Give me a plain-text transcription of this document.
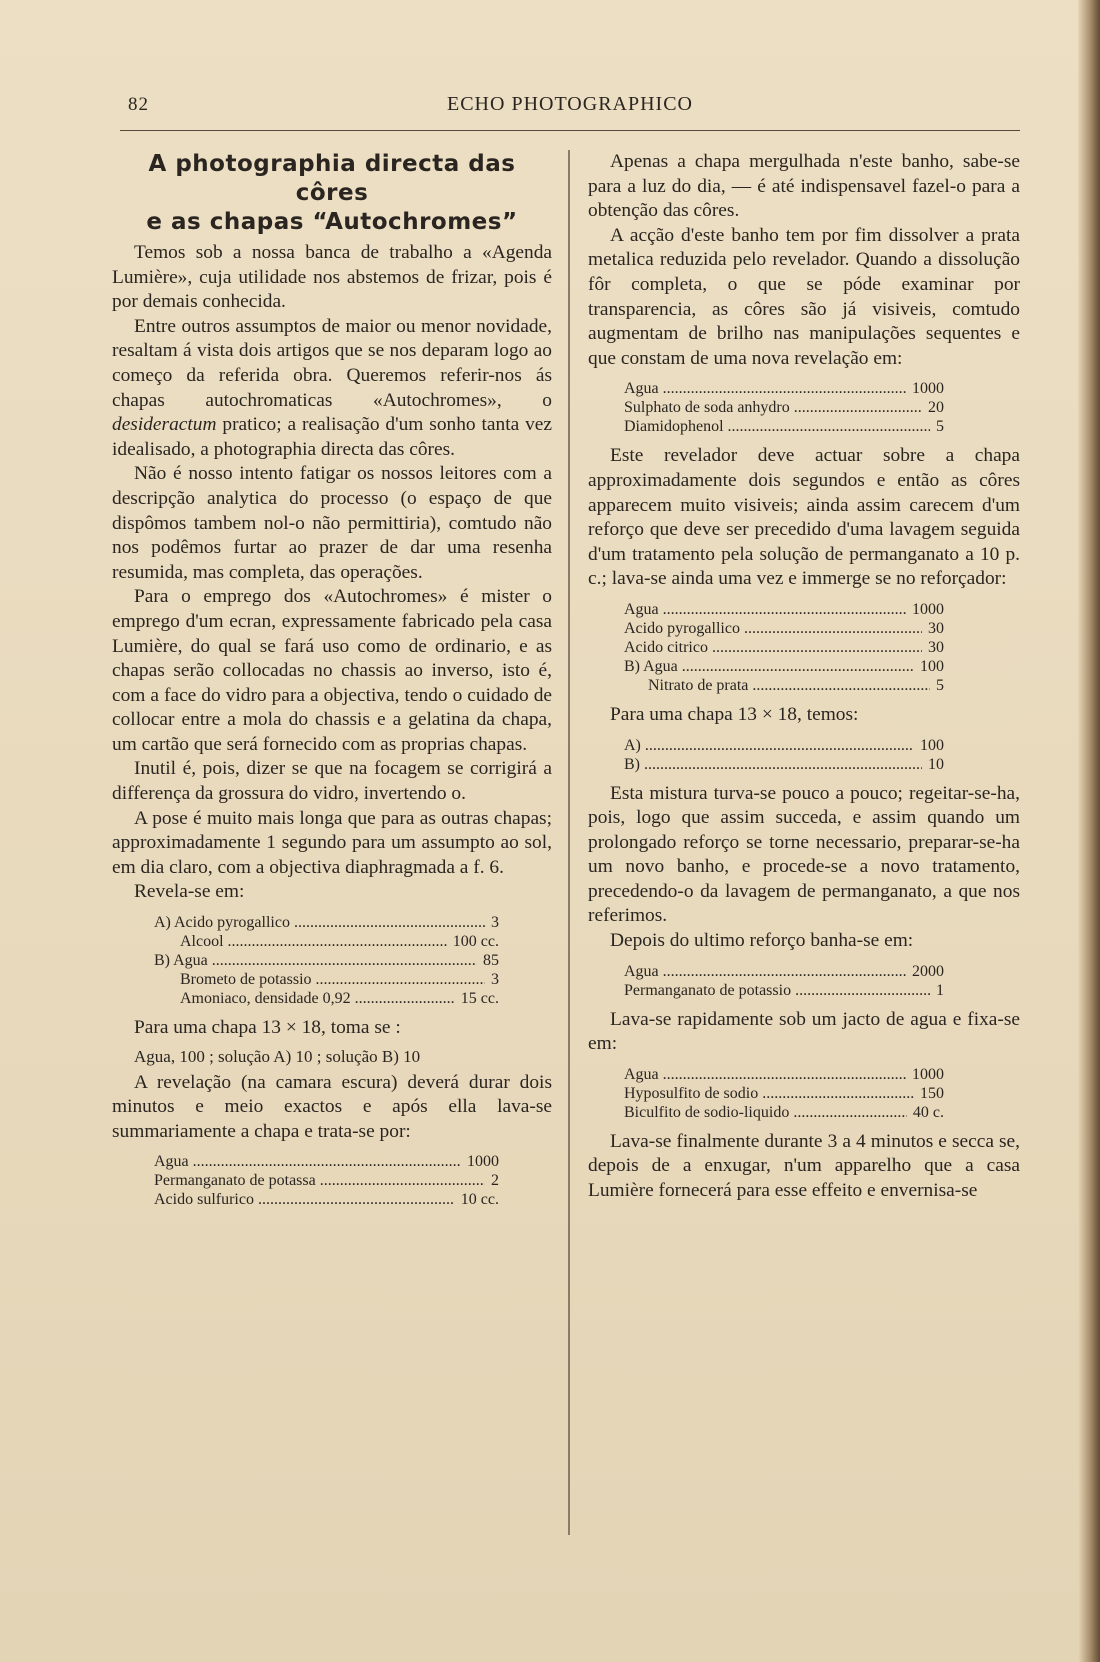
82	ECHO PHOTOGRAPHICO
A photographia directa das côres
e as chapas “Autochromes”

Temos sob a nossa banca de trabalho a «Agenda Lumière», cuja utilidade nos abstemos de frizar, pois é por demais conhecida.

Entre outros assumptos de maior ou menor novidade, resaltam á vista dois artigos que se nos deparam logo ao começo da referida obra. Queremos referir-nos ás chapas autochromaticas «Autochromes», o desideractum pratico; a realisação d'um sonho tanta vez idealisado, a photographia directa das côres.

Não é nosso intento fatigar os nossos leitores com a descripção analytica do processo (o espaço de que dispômos tambem nol-o não permittiria), comtudo não nos podêmos furtar ao prazer de dar uma resenha resumida, mas completa, das operações.

Para o emprego dos «Autochromes» é mister o emprego d'um ecran, expressamente fabricado pela casa Lumière, do qual se fará uso como de ordinario, e as chapas serão collocadas no chassis ao inverso, isto é, com a face do vidro para a objectiva, tendo o cuidado de collocar entre a mola do chassis e a gelatina da chapa, um cartão que será fornecido com as proprias chapas.

Inutil é, pois, dizer se que na focagem se corrigirá a differença da grossura do vidro, invertendo o.

A pose é muito mais longa que para as outras chapas; approximadamente 1 segundo para um assumpto ao sol, em dia claro, com a objectiva diaphragmada a f. 6.

Revela-se em:

A) Acido pyrogallico .....	3
Alcool .....	100 cc.
B) Agua .....	85
Brometo de potassio .....	3
Amoniaco, densidade 0,92 .....	15 cc.

Para uma chapa 13 × 18, toma se :

Agua, 100 ; solução A) 10 ; solução B) 10

A revelação (na camara escura) deverá durar dois minutos e meio exactos e após ella lava-se summariamente a chapa e trata-se por:

Agua .....	1000
Permanganato de potassa .....	2
Acido sulfurico .....	10 cc.

Apenas a chapa mergulhada n'este banho, sabe-se para a luz do dia, — é até indispensavel fazel-o para a obtenção das côres.

A acção d'este banho tem por fim dissolver a prata metalica reduzida pelo revelador. Quando a dissolução fôr completa, o que se póde examinar por transparencia, as côres são já visiveis, comtudo augmentam de brilho nas manipulações sequentes e que constam de uma nova revelação em:

Agua .....	1000
Sulphato de soda anhydro .....	20
Diamidophenol .....	5

Este revelador deve actuar sobre a chapa approximadamente dois segundos e então as côres apparecem muito visiveis; ainda assim carecem d'um reforço que deve ser precedido d'uma lavagem seguida d'um tratamento pela solução de permanganato a 10 p. c.; lava-se ainda uma vez e immerge se no reforçador:

Agua .....	1000
Acido pyrogallico .....	30
Acido citrico .....	30
B) Agua .....	100
Nitrato de prata .....	5

Para uma chapa 13 × 18, temos:

A) .....	100
B) .....	10

Esta mistura turva-se pouco a pouco; regeitar-se-ha, pois, logo que assim succeda, e assim quando um prolongado reforço se torne necessario, preparar-se-ha um novo banho, e procede-se a novo tratamento, precedendo-o da lavagem de permanganato, a que nos referimos.

Depois do ultimo reforço banha-se em:

Agua .....	2000
Permanganato de potassio .....	1

Lava-se rapidamente sob um jacto de agua e fixa-se em:

Agua .....	1000
Hyposulfito de sodio .....	150
Biculfito de sodio-liquido .....	40 c.

Lava-se finalmente durante 3 a 4 minutos e secca se, depois de a enxugar, n'um apparelho que a casa Lumière fornecerá para esse effeito e envernisa-se
